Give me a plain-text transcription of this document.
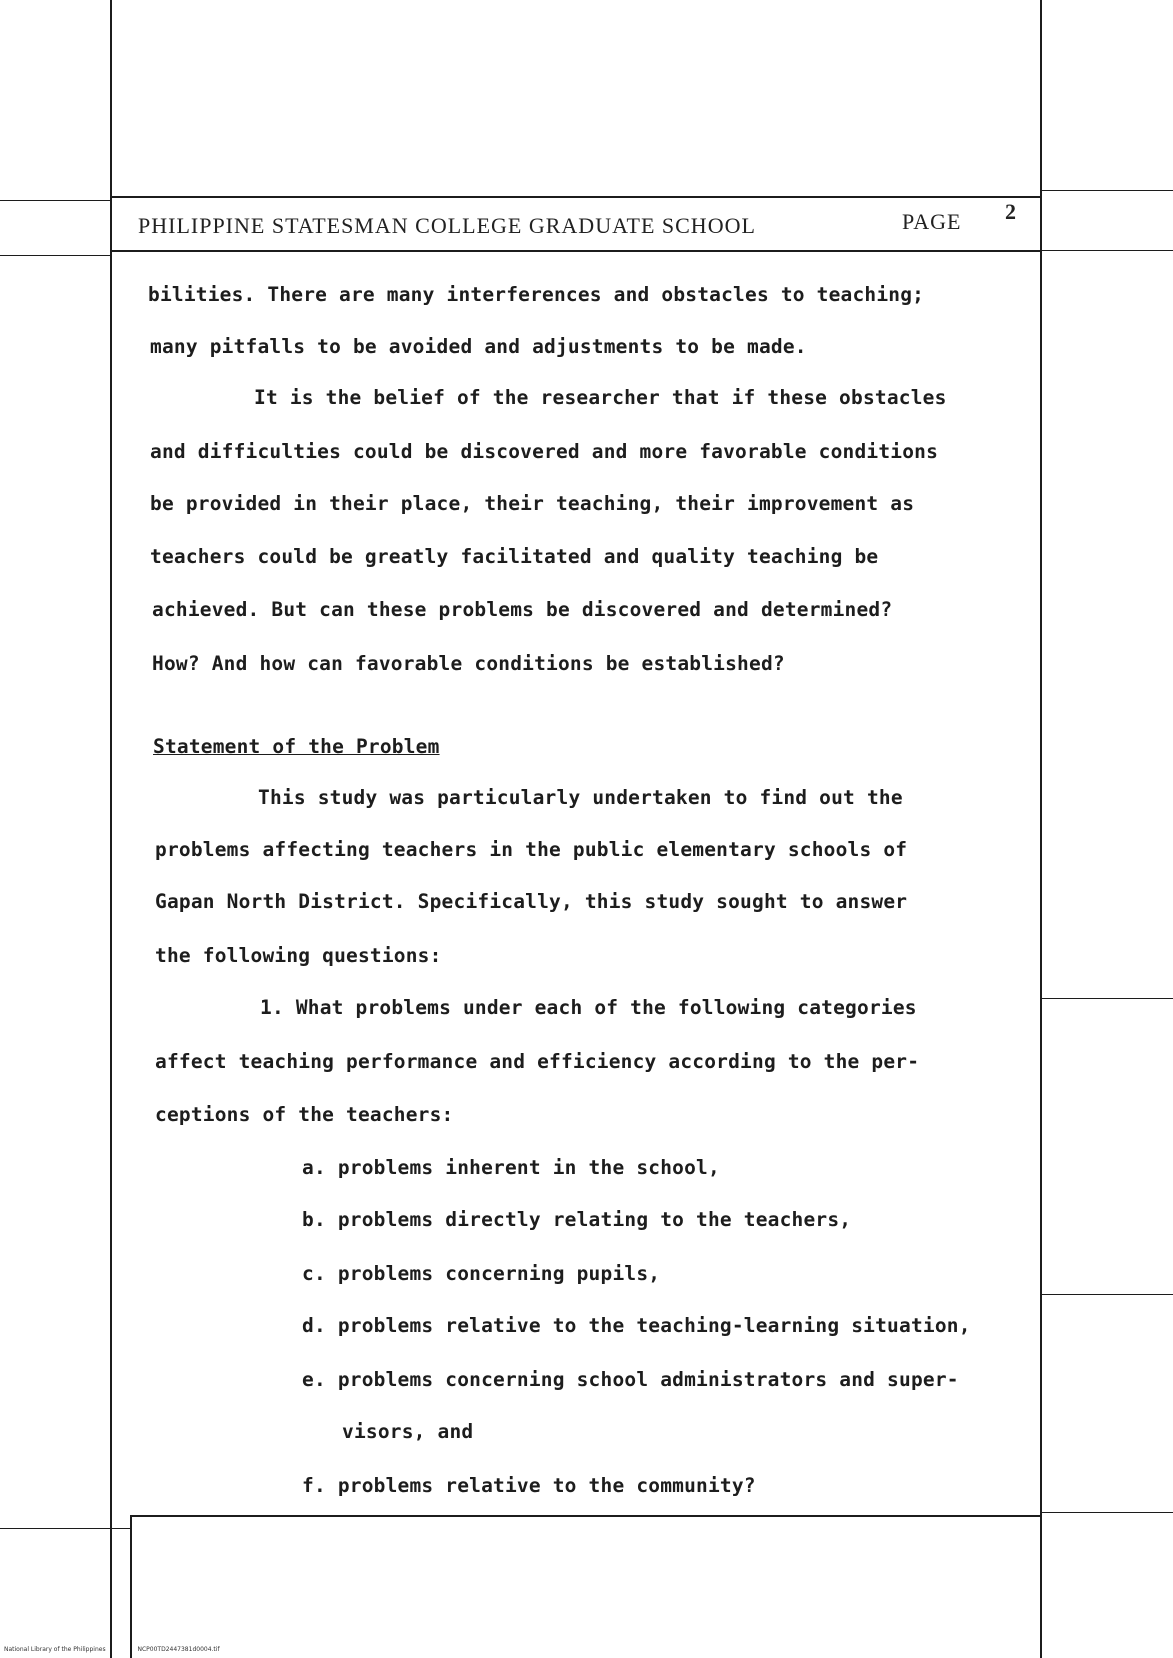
PHILIPPINE STATESMAN COLLEGE GRADUATE SCHOOL	PAGE 2
bilities. There are many interferences and obstacles to teaching;
many pitfalls to be avoided and adjustments to be made.
It is the belief of the researcher that if these obstacles
and difficulties could be discovered and more favorable conditions
be provided in their place, their teaching, their improvement as
teachers could be greatly facilitated and quality teaching be
achieved. But can these problems be discovered and determined?
How? And how can favorable conditions be established?
Statement of the Problem
This study was particularly undertaken to find out the
problems affecting teachers in the public elementary schools of
Gapan North District. Specifically, this study sought to answer
the following questions:
1. What problems under each of the following categories
affect teaching performance and efficiency according to the per-
ceptions of the teachers:
a. problems inherent in the school,
b. problems directly relating to the teachers,
c. problems concerning pupils,
d. problems relative to the teaching-learning situation,
e. problems concerning school administrators and super-
visors, and
f. problems relative to the community?
National Library of the Philippines	NCP00TD2447381d0004.tif
